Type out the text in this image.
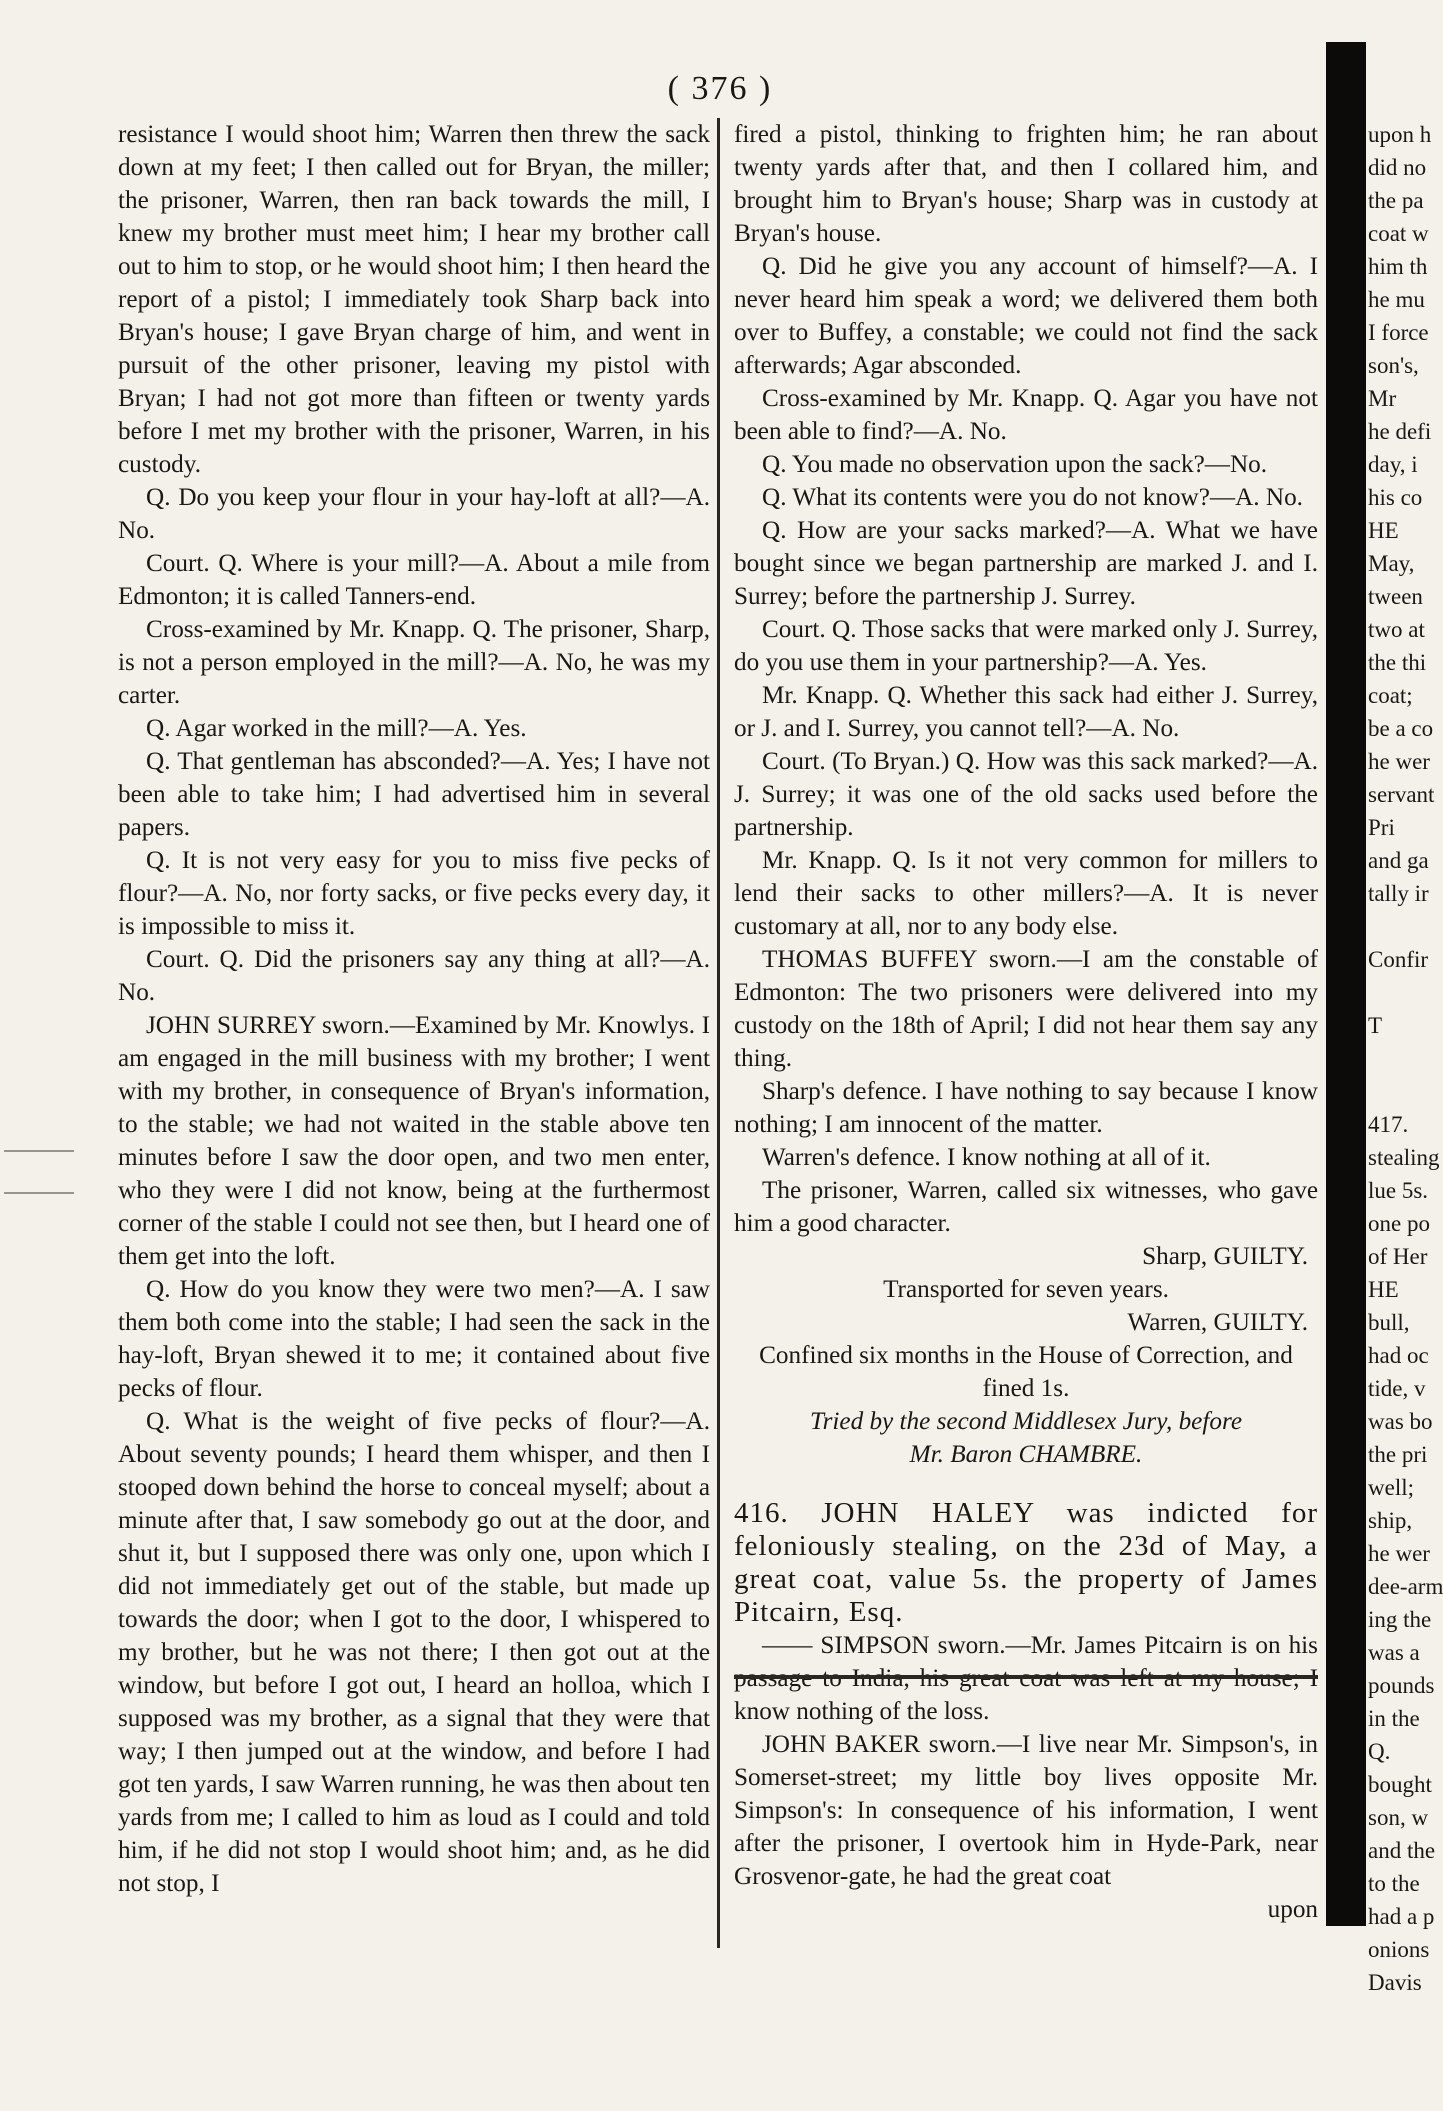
( 376 )

resistance I would shoot him; Warren then threw the sack down at my feet; I then called out for Bryan, the miller; the prisoner, Warren, then ran back towards the mill, I knew my brother must meet him; I hear my brother call out to him to stop, or he would shoot him; I then heard the report of a pistol; I immediately took Sharp back into Bryan's house; I gave Bryan charge of him, and went in pursuit of the other prisoner, leaving my pistol with Bryan; I had not got more than fifteen or twenty yards before I met my brother with the prisoner, Warren, in his custody.

Q. Do you keep your flour in your hay-loft at all?—A. No.

Court. Q. Where is your mill?—A. About a mile from Edmonton; it is called Tanners-end.

Cross-examined by Mr. Knapp. Q. The prisoner, Sharp, is not a person employed in the mill?—A. No, he was my carter.

Q. Agar worked in the mill?—A. Yes.

Q. That gentleman has absconded?—A. Yes; I have not been able to take him; I had advertised him in several papers.

Q. It is not very easy for you to miss five pecks of flour?—A. No, nor forty sacks, or five pecks every day, it is impossible to miss it.

Court. Q. Did the prisoners say any thing at all?—A. No.

JOHN SURREY sworn.—Examined by Mr. Knowlys. I am engaged in the mill business with my brother; I went with my brother, in consequence of Bryan's information, to the stable; we had not waited in the stable above ten minutes before I saw the door open, and two men enter, who they were I did not know, being at the furthermost corner of the stable I could not see then, but I heard one of them get into the loft.

Q. How do you know they were two men?—A. I saw them both come into the stable; I had seen the sack in the hay-loft, Bryan shewed it to me; it contained about five pecks of flour.

Q. What is the weight of five pecks of flour?—A. About seventy pounds; I heard them whisper, and then I stooped down behind the horse to conceal myself; about a minute after that, I saw somebody go out at the door, and shut it, but I supposed there was only one, upon which I did not immediately get out of the stable, but made up towards the door; when I got to the door, I whispered to my brother, but he was not there; I then got out at the window, but before I got out, I heard an holloa, which I supposed was my brother, as a signal that they were that way; I then jumped out at the window, and before I had got ten yards, I saw Warren running, he was then about ten yards from me; I called to him as loud as I could and told him, if he did not stop I would shoot him; and, as he did not stop, I

fired a pistol, thinking to frighten him; he ran about twenty yards after that, and then I collared him, and brought him to Bryan's house; Sharp was in custody at Bryan's house.

Q. Did he give you any account of himself?—A. I never heard him speak a word; we delivered them both over to Buffey, a constable; we could not find the sack afterwards; Agar absconded.

Cross-examined by Mr. Knapp. Q. Agar you have not been able to find?—A. No.

Q. You made no observation upon the sack?—No.

Q. What its contents were you do not know?—A. No.

Q. How are your sacks marked?—A. What we have bought since we began partnership are marked J. and I. Surrey; before the partnership J. Surrey.

Court. Q. Those sacks that were marked only J. Surrey, do you use them in your partnership?—A. Yes.

Mr. Knapp. Q. Whether this sack had either J. Surrey, or J. and I. Surrey, you cannot tell?—A. No.

Court. (To Bryan.) Q. How was this sack marked?—A. J. Surrey; it was one of the old sacks used before the partnership.

Mr. Knapp. Q. Is it not very common for millers to lend their sacks to other millers?—A. It is never customary at all, nor to any body else.

THOMAS BUFFEY sworn.—I am the constable of Edmonton: The two prisoners were delivered into my custody on the 18th of April; I did not hear them say any thing.

Sharp's defence. I have nothing to say because I know nothing; I am innocent of the matter.

Warren's defence. I know nothing at all of it.

The prisoner, Warren, called six witnesses, who gave him a good character.

Sharp, GUILTY.

Transported for seven years.

Warren, GUILTY.

Confined six months in the House of Correction, and fined 1s.

Tried by the second Middlesex Jury, before Mr. Baron CHAMBRE.

416. JOHN HALEY was indicted for feloniously stealing, on the 23d of May, a great coat, value 5s. the property of James Pitcairn, Esq.

—— SIMPSON sworn.—Mr. James Pitcairn is on his know nothing of the loss.

JOHN BAKER sworn.—I live near Mr. Simpson's, in Somerset-street; my little boy lives opposite Mr. Simpson's: In consequence of his information, I went after the prisoner, I overtook him in Hyde-Park, near Grosvenor-gate, he had the great coat

upon

upon h
did no
the pa
coat w
him th
he mu
I force
son's,
Mr
he defi
day, i
his co
HE
May,
tween
two at
the thi
coat;
be a co
he wer
servant
Pri
and ga
tally ir
Confir
T
417.
stealing
lue 5s.
one po
of Her
HE
bull,
had oc
tide, v
was bo
the pri
well;
ship,
he wer
dee-arm
ing the
was a
pounds
in the
Q.
bought
son, w
and the
to the
had a p
onions
Davis
